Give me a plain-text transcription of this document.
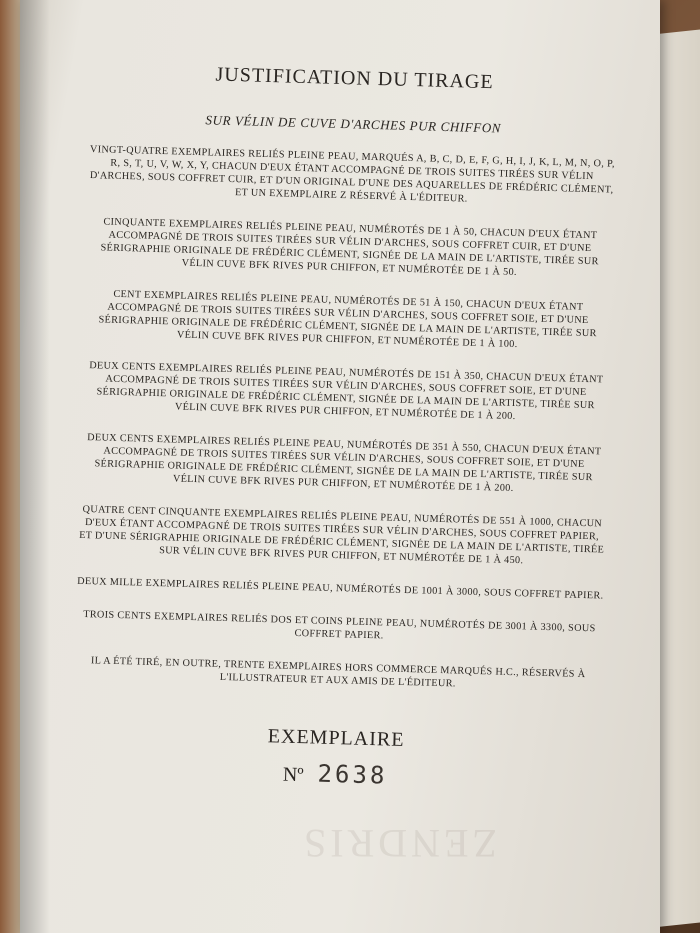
ZENDRIS
JUSTIFICATION DU TIRAGE
SUR VÉLIN DE CUVE D'ARCHES PUR CHIFFON
VINGT-QUATRE EXEMPLAIRES RELIÉS PLEINE PEAU, MARQUÉS A, B, C, D, E, F, G, H, I, J, K, L, M, N, O, P, R, S, T, U, V, W, X, Y, CHACUN D'EUX ÉTANT ACCOMPAGNÉ DE TROIS SUITES TIRÉES SUR VÉLIN D'ARCHES, SOUS COFFRET CUIR, ET D'UN ORIGINAL D'UNE DES AQUARELLES DE FRÉDÉRIC CLÉMENT, ET UN EXEMPLAIRE Z RÉSERVÉ À L'ÉDITEUR.
CINQUANTE EXEMPLAIRES RELIÉS PLEINE PEAU, NUMÉROTÉS DE 1 À 50, CHACUN D'EUX ÉTANT ACCOMPAGNÉ DE TROIS SUITES TIRÉES SUR VÉLIN D'ARCHES, SOUS COFFRET CUIR, ET D'UNE SÉRIGRAPHIE ORIGINALE DE FRÉDÉRIC CLÉMENT, SIGNÉE DE LA MAIN DE L'ARTISTE, TIRÉE SUR VÉLIN CUVE BFK RIVES PUR CHIFFON, ET NUMÉROTÉE DE 1 À 50.
CENT EXEMPLAIRES RELIÉS PLEINE PEAU, NUMÉROTÉS DE 51 À 150, CHACUN D'EUX ÉTANT ACCOMPAGNÉ DE TROIS SUITES TIRÉES SUR VÉLIN D'ARCHES, SOUS COFFRET SOIE, ET D'UNE SÉRIGRAPHIE ORIGINALE DE FRÉDÉRIC CLÉMENT, SIGNÉE DE LA MAIN DE L'ARTISTE, TIRÉE SUR VÉLIN CUVE BFK RIVES PUR CHIFFON, ET NUMÉROTÉE DE 1 À 100.
DEUX CENTS EXEMPLAIRES RELIÉS PLEINE PEAU, NUMÉROTÉS DE 151 À 350, CHACUN D'EUX ÉTANT ACCOMPAGNÉ DE TROIS SUITES TIRÉES SUR VÉLIN D'ARCHES, SOUS COFFRET SOIE, ET D'UNE SÉRIGRAPHIE ORIGINALE DE FRÉDÉRIC CLÉMENT, SIGNÉE DE LA MAIN DE L'ARTISTE, TIRÉE SUR VÉLIN CUVE BFK RIVES PUR CHIFFON, ET NUMÉROTÉE DE 1 À 200.
DEUX CENTS EXEMPLAIRES RELIÉS PLEINE PEAU, NUMÉROTÉS DE 351 À 550, CHACUN D'EUX ÉTANT ACCOMPAGNÉ DE TROIS SUITES TIRÉES SUR VÉLIN D'ARCHES, SOUS COFFRET SOIE, ET D'UNE SÉRIGRAPHIE ORIGINALE DE FRÉDÉRIC CLÉMENT, SIGNÉE DE LA MAIN DE L'ARTISTE, TIRÉE SUR VÉLIN CUVE BFK RIVES PUR CHIFFON, ET NUMÉROTÉE DE 1 À 200.
QUATRE CENT CINQUANTE EXEMPLAIRES RELIÉS PLEINE PEAU, NUMÉROTÉS DE 551 À 1000, CHACUN D'EUX ÉTANT ACCOMPAGNÉ DE TROIS SUITES TIRÉES SUR VÉLIN D'ARCHES, SOUS COFFRET PAPIER, ET D'UNE SÉRIGRAPHIE ORIGINALE DE FRÉDÉRIC CLÉMENT, SIGNÉE DE LA MAIN DE L'ARTISTE, TIRÉE SUR VÉLIN CUVE BFK RIVES PUR CHIFFON, ET NUMÉROTÉE DE 1 À 450.
DEUX MILLE EXEMPLAIRES RELIÉS PLEINE PEAU, NUMÉROTÉS DE 1001 À 3000, SOUS COFFRET PAPIER.
TROIS CENTS EXEMPLAIRES RELIÉS DOS ET COINS PLEINE PEAU, NUMÉROTÉS DE 3001 À 3300, SOUS COFFRET PAPIER.
IL A ÉTÉ TIRÉ, EN OUTRE, TRENTE EXEMPLAIRES HORS COMMERCE MARQUÉS H.C., RÉSERVÉS À L'ILLUSTRATEUR ET AUX AMIS DE L'ÉDITEUR.
EXEMPLAIRE
Nº 2638
